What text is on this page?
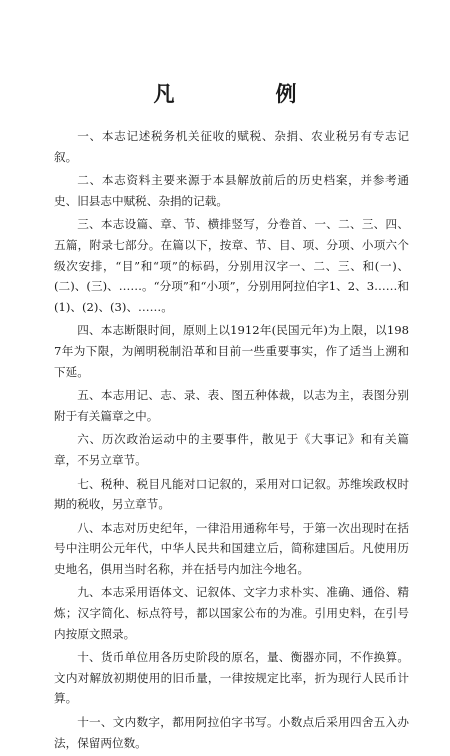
凡　例

一、本志记述税务机关征收的赋税、杂捐、农业税另有专志记叙。

二、本志资料主要来源于本县解放前后的历史档案，并参考通史、旧县志中赋税、杂捐的记载。

三、本志设篇、章、节、横排竖写，分卷首、一、二、三、四、五篇，附录七部分。在篇以下，按章、节、目、项、分项、小项六个级次安排，“目”和“项”的标码，分别用汉字一、二、三、和(一)、(二)、(三)、……。“分项”和“小项”，分别用阿拉伯字1、2、3……和(1)、(2)、(3)、……。

四、本志断限时间，原则上以1912年(民国元年)为上限，以1987年为下限，为阐明税制沿革和目前一些重要事实，作了适当上溯和下延。

五、本志用记、志、录、表、图五种体裁，以志为主，表图分别附于有关篇章之中。

六、历次政治运动中的主要事件，散见于《大事记》和有关篇章，不另立章节。

七、税种、税目凡能对口记叙的，采用对口记叙。苏维埃政权时期的税收，另立章节。

八、本志对历史纪年，一律沿用通称年号，于第一次出现时在括号中注明公元年代，中华人民共和国建立后，简称建国后。凡使用历史地名，俱用当时名称，并在括号内加注今地名。

九、本志采用语体文、记叙体、文字力求朴实、准确、通俗、精炼；汉字简化、标点符号，都以国家公布的为准。引用史料，在引号内按原文照录。

十、货币单位用各历史阶段的原名，量、衡器亦同，不作换算。文内对解放初期使用的旧币量，一律按规定比率，折为现行人民币计算。

十一、文内数字，都用阿拉伯字书写。小数点后采用四舍五入办法，保留两位数。
